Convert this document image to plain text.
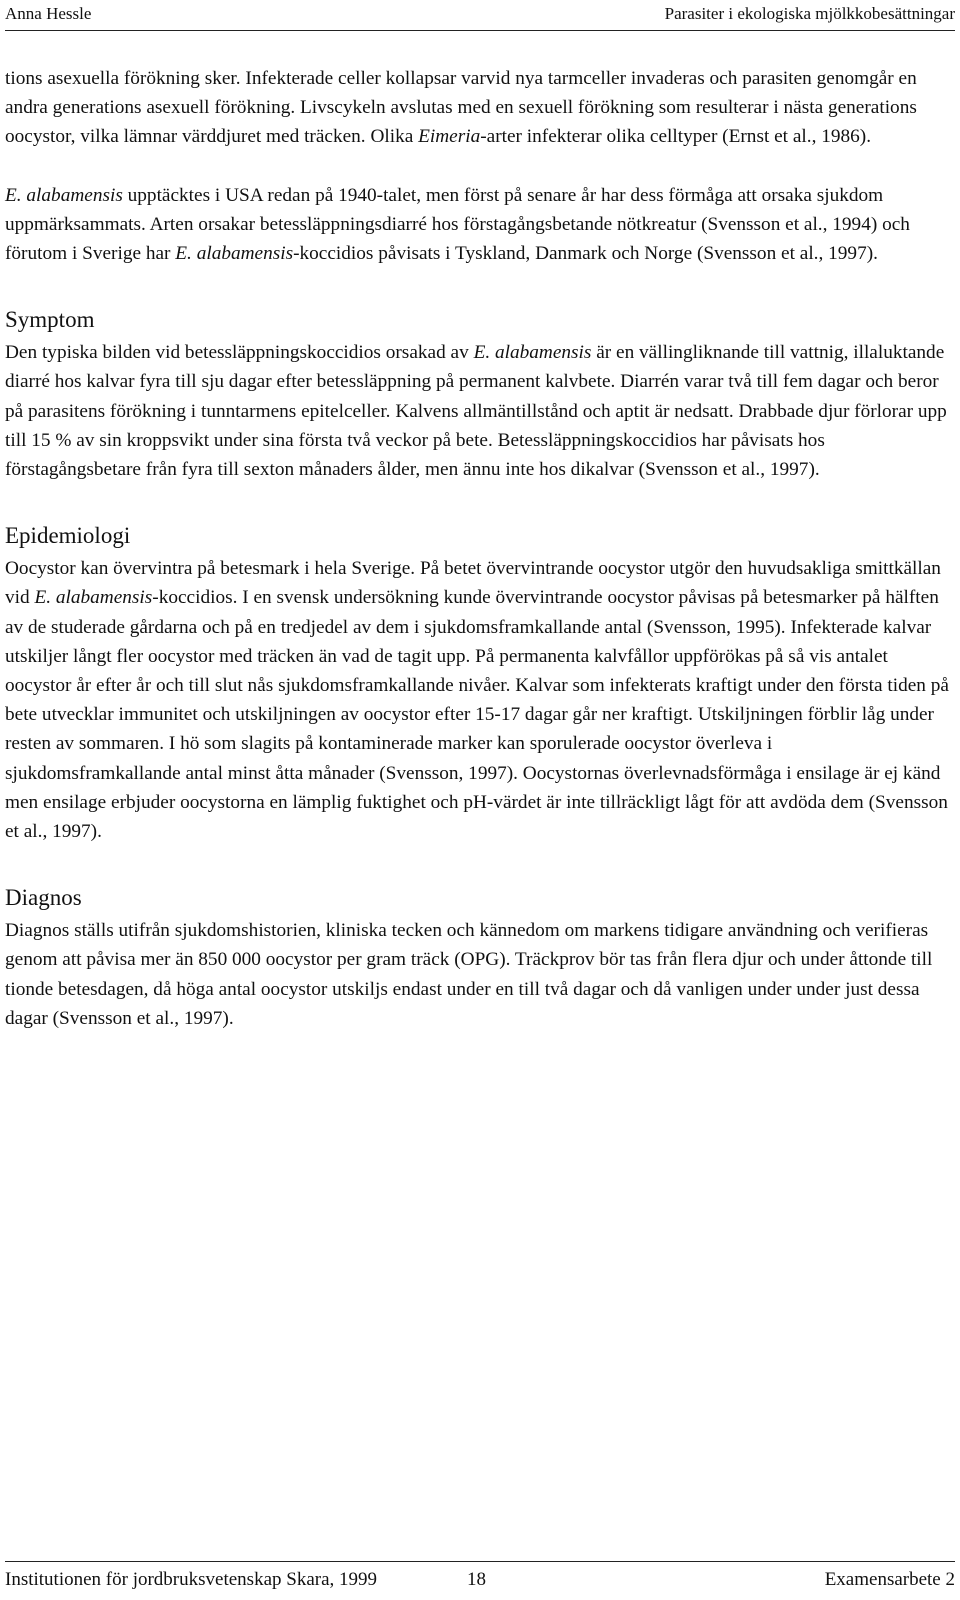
Anna Hessle	Parasiter i ekologiska mjölkkobesättningar

tions asexuella förökning sker. Infekterade celler kollapsar varvid nya tarmceller invaderas och parasiten genomgår en andra generations asexuell förökning. Livscykeln avslutas med en sexuell förökning som resulterar i nästa generations oocystor, vilka lämnar värddjuret med träcken. Olika Eimeria-arter infekterar olika celltyper (Ernst et al., 1986).

E. alabamensis upptäcktes i USA redan på 1940-talet, men först på senare år har dess förmåga att orsaka sjukdom uppmärksammats. Arten orsakar betessläppningsdiarré hos förstagångsbetande nötkreatur (Svensson et al., 1994) och förutom i Sverige har E. alabamensis-koccidios påvisats i Tyskland, Danmark och Norge (Svensson et al., 1997).

Symptom

Den typiska bilden vid betessläppningskoccidios orsakad av E. alabamensis är en vällingliknande till vattnig, illaluktande diarré hos kalvar fyra till sju dagar efter betessläppning på permanent kalvbete. Diarrén varar två till fem dagar och beror på parasitens förökning i tunntarmens epitelceller. Kalvens allmäntillstånd och aptit är nedsatt. Drabbade djur förlorar upp till 15 % av sin kroppsvikt under sina första två veckor på bete. Betessläppningskoccidios har påvisats hos förstagångsbetare från fyra till sexton månaders ålder, men ännu inte hos dikalvar (Svensson et al., 1997).

Epidemiologi

Oocystor kan övervintra på betesmark i hela Sverige. På betet övervintrande oocystor utgör den huvudsakliga smittkällan vid E. alabamensis-koccidios. I en svensk undersökning kunde övervintrande oocystor påvisas på betesmarker på hälften av de studerade gårdarna och på en tredjedel av dem i sjukdomsframkallande antal (Svensson, 1995). Infekterade kalvar utskiljer långt fler oocystor med träcken än vad de tagit upp. På permanenta kalvfållor uppförökas på så vis antalet oocystor år efter år och till slut nås sjukdomsframkallande nivåer. Kalvar som infekterats kraftigt under den första tiden på bete utvecklar immunitet och utskiljningen av oocystor efter 15-17 dagar går ner kraftigt. Utskiljningen förblir låg under resten av sommaren. I hö som slagits på kontaminerade marker kan sporulerade oocystor överleva i sjukdomsframkallande antal minst åtta månader (Svensson, 1997). Oocystornas överlevnadsförmåga i ensilage är ej känd men ensilage erbjuder oocystorna en lämplig fuktighet och pH-värdet är inte tillräckligt lågt för att avdöda dem (Svensson et al., 1997).

Diagnos

Diagnos ställs utifrån sjukdomshistorien, kliniska tecken och kännedom om markens tidigare användning och verifieras genom att påvisa mer än 850 000 oocystor per gram träck (OPG). Träckprov bör tas från flera djur och under åttonde till tionde betesdagen, då höga antal oocystor utskiljs endast under en till två dagar och då vanligen under under just dessa dagar (Svensson et al., 1997).

Institutionen för jordbruksvetenskap Skara, 1999	18	Examensarbete 2
